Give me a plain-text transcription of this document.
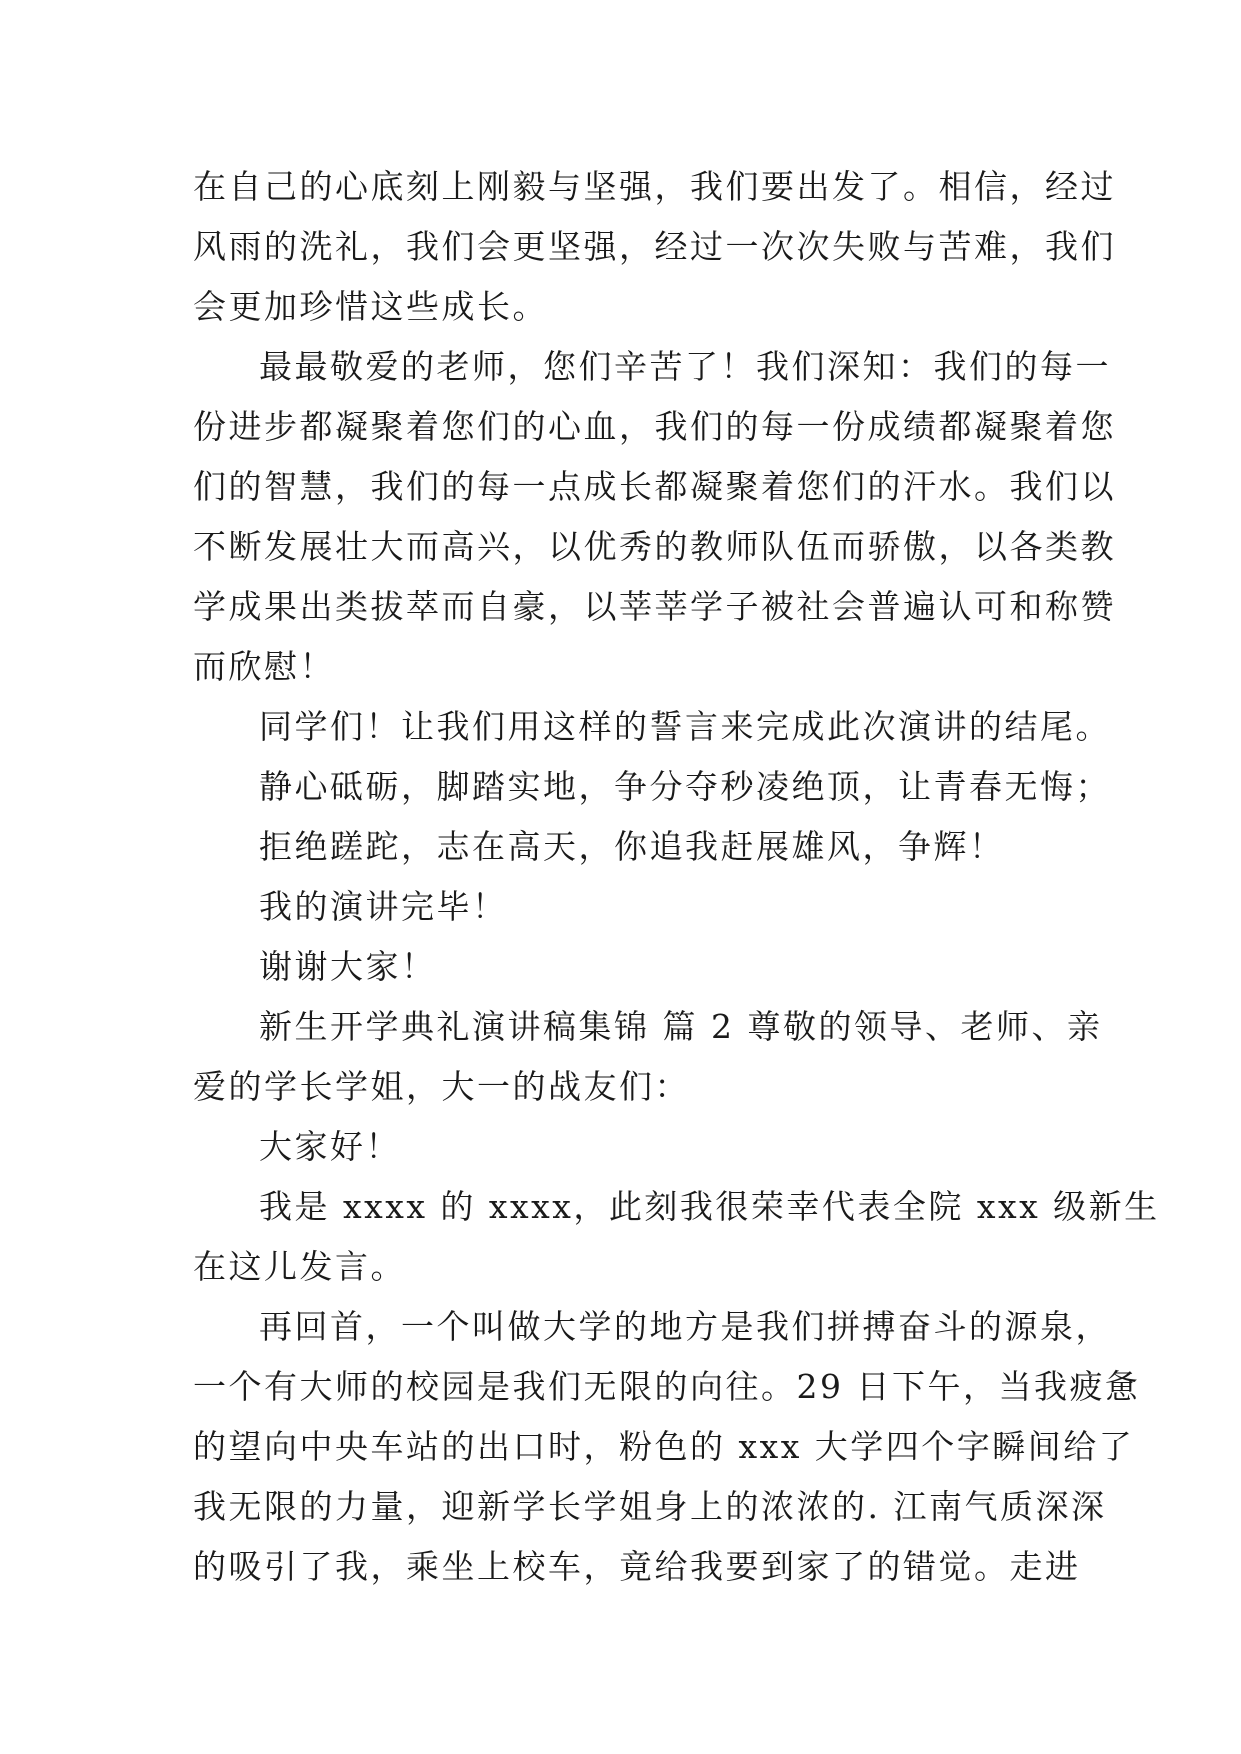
在自己的心底刻上刚毅与坚强，我们要出发了。相信，经过
风雨的洗礼，我们会更坚强，经过一次次失败与苦难，我们
会更加珍惜这些成长。
最最敬爱的老师，您们辛苦了！我们深知：我们的每一
份进步都凝聚着您们的心血，我们的每一份成绩都凝聚着您
们的智慧，我们的每一点成长都凝聚着您们的汗水。我们以
不断发展壮大而高兴，以优秀的教师队伍而骄傲，以各类教
学成果出类拔萃而自豪，以莘莘学子被社会普遍认可和称赞
而欣慰！
同学们！让我们用这样的誓言来完成此次演讲的结尾。
静心砥砺，脚踏实地，争分夺秒凌绝顶，让青春无悔；
拒绝蹉跎，志在高天，你追我赶展雄风，争辉！
我的演讲完毕！
谢谢大家！
新生开学典礼演讲稿集锦 篇 2 尊敬的领导、老师、亲
爱的学长学姐，大一的战友们：
大家好！
我是 xxxx 的 xxxx，此刻我很荣幸代表全院 xxx 级新生
在这儿发言。
再回首，一个叫做大学的地方是我们拼搏奋斗的源泉，
一个有大师的校园是我们无限的向往。29 日下午，当我疲惫
的望向中央车站的出口时，粉色的 xxx 大学四个字瞬间给了
我无限的力量，迎新学长学姐身上的浓浓的. 江南气质深深
的吸引了我，乘坐上校车，竟给我要到家了的错觉。走进
